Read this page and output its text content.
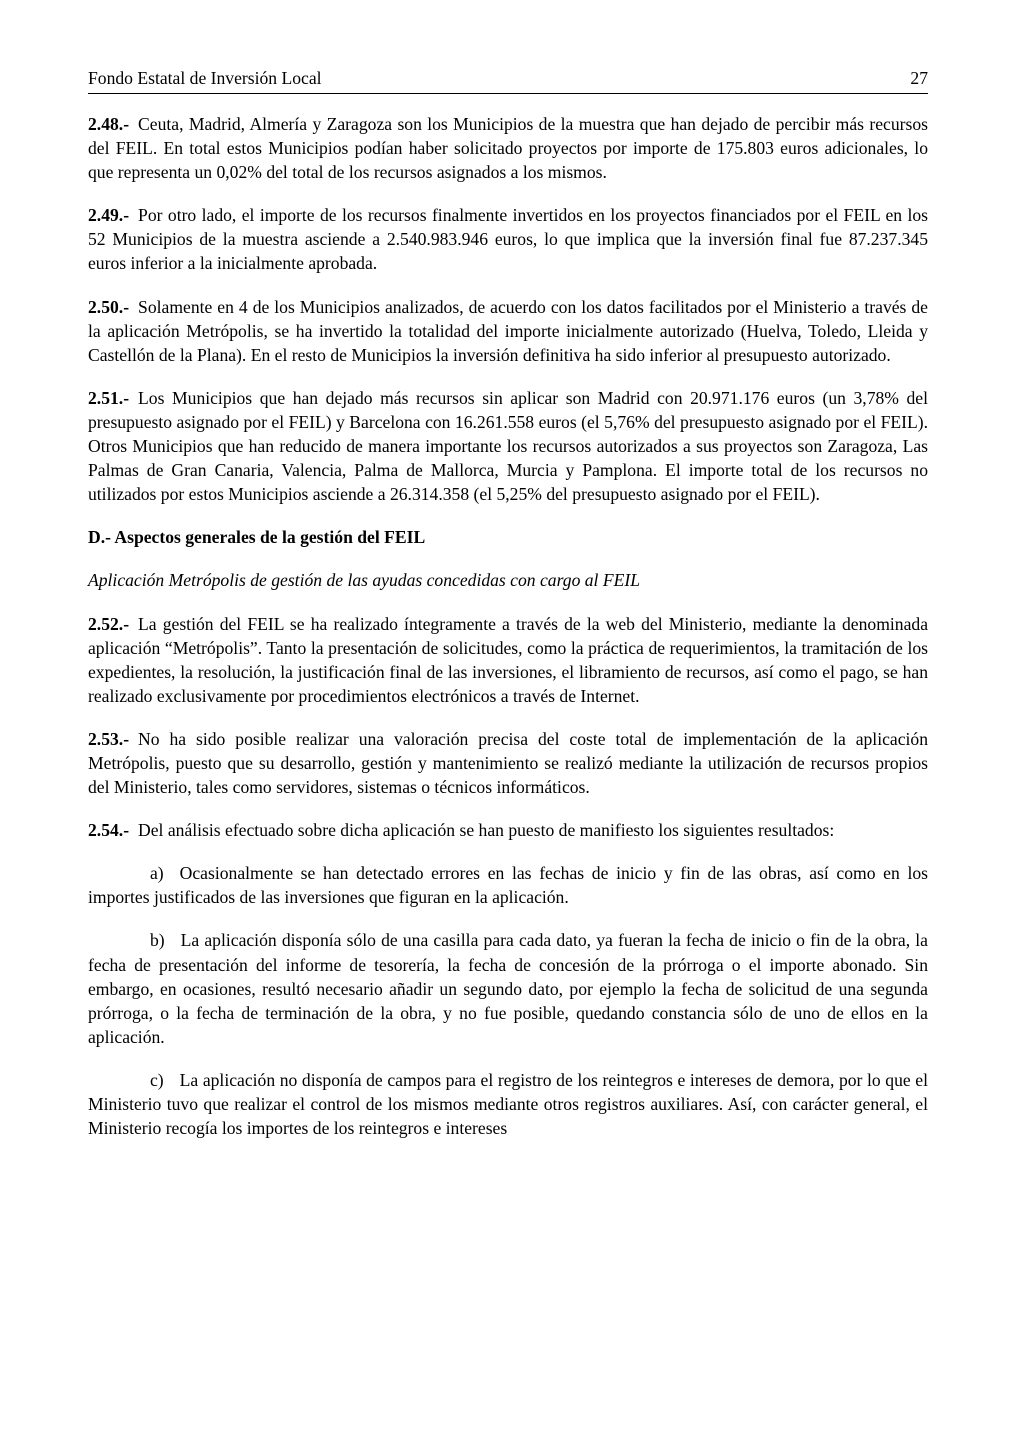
Fondo Estatal de Inversión Local	27

2.48.- Ceuta, Madrid, Almería y Zaragoza son los Municipios de la muestra que han dejado de percibir más recursos del FEIL. En total estos Municipios podían haber solicitado proyectos por importe de 175.803 euros adicionales, lo que representa un 0,02% del total de los recursos asignados a los mismos.

2.49.- Por otro lado, el importe de los recursos finalmente invertidos en los proyectos financiados por el FEIL en los 52 Municipios de la muestra asciende a 2.540.983.946 euros, lo que implica que la inversión final fue 87.237.345 euros inferior a la inicialmente aprobada.

2.50.- Solamente en 4 de los Municipios analizados, de acuerdo con los datos facilitados por el Ministerio a través de la aplicación Metrópolis, se ha invertido la totalidad del importe inicialmente autorizado (Huelva, Toledo, Lleida y Castellón de la Plana). En el resto de Municipios la inversión definitiva ha sido inferior al presupuesto autorizado.

2.51.- Los Municipios que han dejado más recursos sin aplicar son Madrid con 20.971.176 euros (un 3,78% del presupuesto asignado por el FEIL) y Barcelona con 16.261.558 euros (el 5,76% del presupuesto asignado por el FEIL). Otros Municipios que han reducido de manera importante los recursos autorizados a sus proyectos son Zaragoza, Las Palmas de Gran Canaria, Valencia, Palma de Mallorca, Murcia y Pamplona. El importe total de los recursos no utilizados por estos Municipios asciende a 26.314.358 (el 5,25% del presupuesto asignado por el FEIL).

D.- Aspectos generales de la gestión del FEIL

Aplicación Metrópolis de gestión de las ayudas concedidas con cargo al FEIL

2.52.- La gestión del FEIL se ha realizado íntegramente a través de la web del Ministerio, mediante la denominada aplicación “Metrópolis”. Tanto la presentación de solicitudes, como la práctica de requerimientos, la tramitación de los expedientes, la resolución, la justificación final de las inversiones, el libramiento de recursos, así como el pago, se han realizado exclusivamente por procedimientos electrónicos a través de Internet.

2.53.- No ha sido posible realizar una valoración precisa del coste total de implementación de la aplicación Metrópolis, puesto que su desarrollo, gestión y mantenimiento se realizó mediante la utilización de recursos propios del Ministerio, tales como servidores, sistemas o técnicos informáticos.

2.54.- Del análisis efectuado sobre dicha aplicación se han puesto de manifiesto los siguientes resultados:

a) Ocasionalmente se han detectado errores en las fechas de inicio y fin de las obras, así como en los importes justificados de las inversiones que figuran en la aplicación.

b) La aplicación disponía sólo de una casilla para cada dato, ya fueran la fecha de inicio o fin de la obra, la fecha de presentación del informe de tesorería, la fecha de concesión de la prórroga o el importe abonado. Sin embargo, en ocasiones, resultó necesario añadir un segundo dato, por ejemplo la fecha de solicitud de una segunda prórroga, o la fecha de terminación de la obra, y no fue posible, quedando constancia sólo de uno de ellos en la aplicación.

c) La aplicación no disponía de campos para el registro de los reintegros e intereses de demora, por lo que el Ministerio tuvo que realizar el control de los mismos mediante otros registros auxiliares. Así, con carácter general, el Ministerio recogía los importes de los reintegros e intereses
